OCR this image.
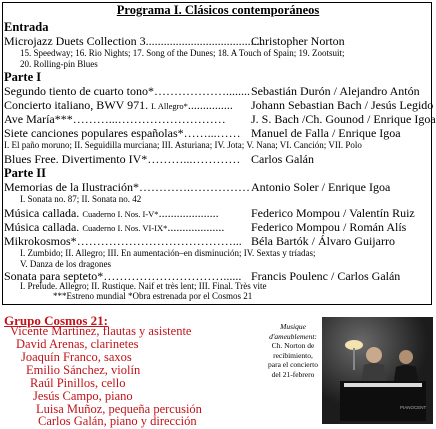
Programa I. Clásicos contemporáneos
Entrada
Microjazz Duets Collection 3.......................................
Christopher Norton
15. Speedway; 16. Rio Nights; 17. Song of the Dunes; 18. A Touch of Spain; 19. Zootsuit;
20. Rolling-pin Blues
Parte I
Segundo tiento de cuarto tono*………………........ Sebastián Durón / Alejandro Antón
Concierto italiano, BWV 971. I. Allegro*............... Johann Sebastian Bach / Jesús Legido
Ave María***………...……………………… J. S. Bach /Ch. Gounod / Enrique Igoa
Siete canciones populares españolas*……...…… Manuel de Falla / Enrique Igoa
I. El paño moruno; II. Seguidilla murciana; III. Asturiana; IV. Jota; V. Nana; VI. Canción; VII. Polo
Blues Free. Divertimento IV*………...………… Carlos Galán
Parte II
Memorias de la Ilustración*………….…………… Antonio Soler / Enrique Igoa
I. Sonata no. 87; II. Sonata no. 42
Música callada. Cuaderno I. Nos. I-V*....................	Federico Mompou / Valentín Ruiz
Música callada. Cuaderno I. Nos. VI-IX*................... Federico Mompou / Román Alís
Mikrokosmos*…………………………………... Béla Bartók / Álvaro Guijarro
I. Zumbido; II. Allegro; III. En aumentación–en disminución; IV. Sextas y tríadas;
V. Danza de los dragones
Sonata para septeto*…………………………...... Francis Poulenc / Carlos Galán
I. Prelude. Allegro; II. Rustique. Naif et très lent; III. Final. Très vite
***Estreno mundial *Obra estrenada por el Cosmos 21
Grupo Cosmos 21:
Vicente Martínez, flautas y asistente
David Arenas, clarinetes
Joaquín Franco, saxos
Emilio Sánchez, violín
Raúl Pinillos, cello
Jesús Campo, piano
Luisa Muñoz, pequeña percusión
Carlos Galán, piano y dirección
Musique d'ameublement:
Ch. Norton de recibimiento, para el concierto del 21-febrero
PIANOCENT
